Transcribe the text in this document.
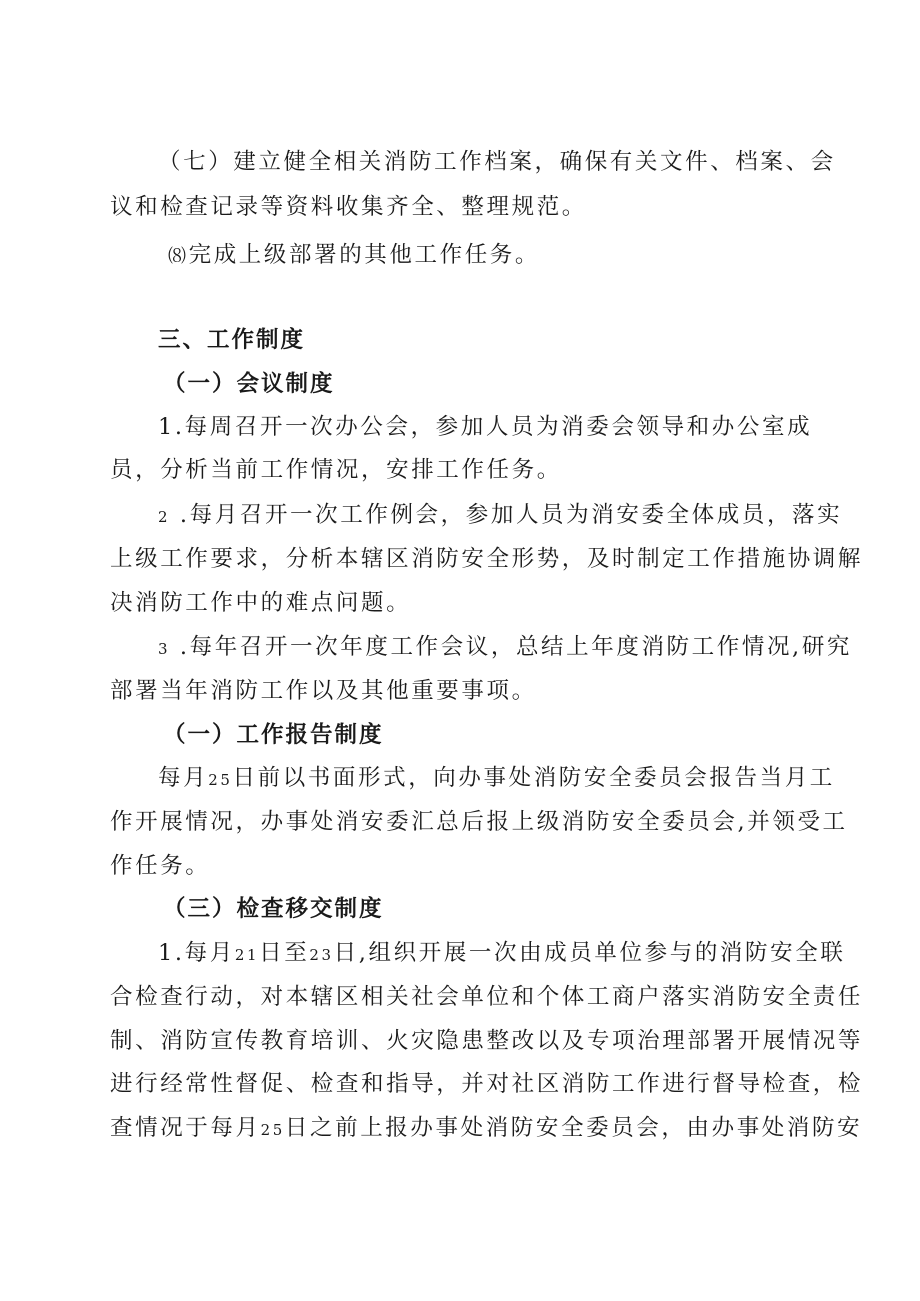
（七）建立健全相关消防工作档案，确保有关文件、档案、会
议和检查记录等资料收集齐全、整理规范。
⑻完成上级部署的其他工作任务。
三、工作制度
（一）会议制度
1.每周召开一次办公会，参加人员为消委会领导和办公室成
员，分析当前工作情况，安排工作任务。
2 .每月召开一次工作例会，参加人员为消安委全体成员，落实
上级工作要求，分析本辖区消防安全形势，及时制定工作措施协调解
决消防工作中的难点问题。
3 .每年召开一次年度工作会议，总结上年度消防工作情况,研究
部署当年消防工作以及其他重要事项。
（一）工作报告制度
每月25日前以书面形式，向办事处消防安全委员会报告当月工
作开展情况，办事处消安委汇总后报上级消防安全委员会,并领受工
作任务。
（三）检查移交制度
1.每月21日至23日,组织开展一次由成员单位参与的消防安全联
合检查行动，对本辖区相关社会单位和个体工商户落实消防安全责任
制、消防宣传教育培训、火灾隐患整改以及专项治理部署开展情况等
进行经常性督促、检查和指导，并对社区消防工作进行督导检查，检
查情况于每月25日之前上报办事处消防安全委员会，由办事处消防安
